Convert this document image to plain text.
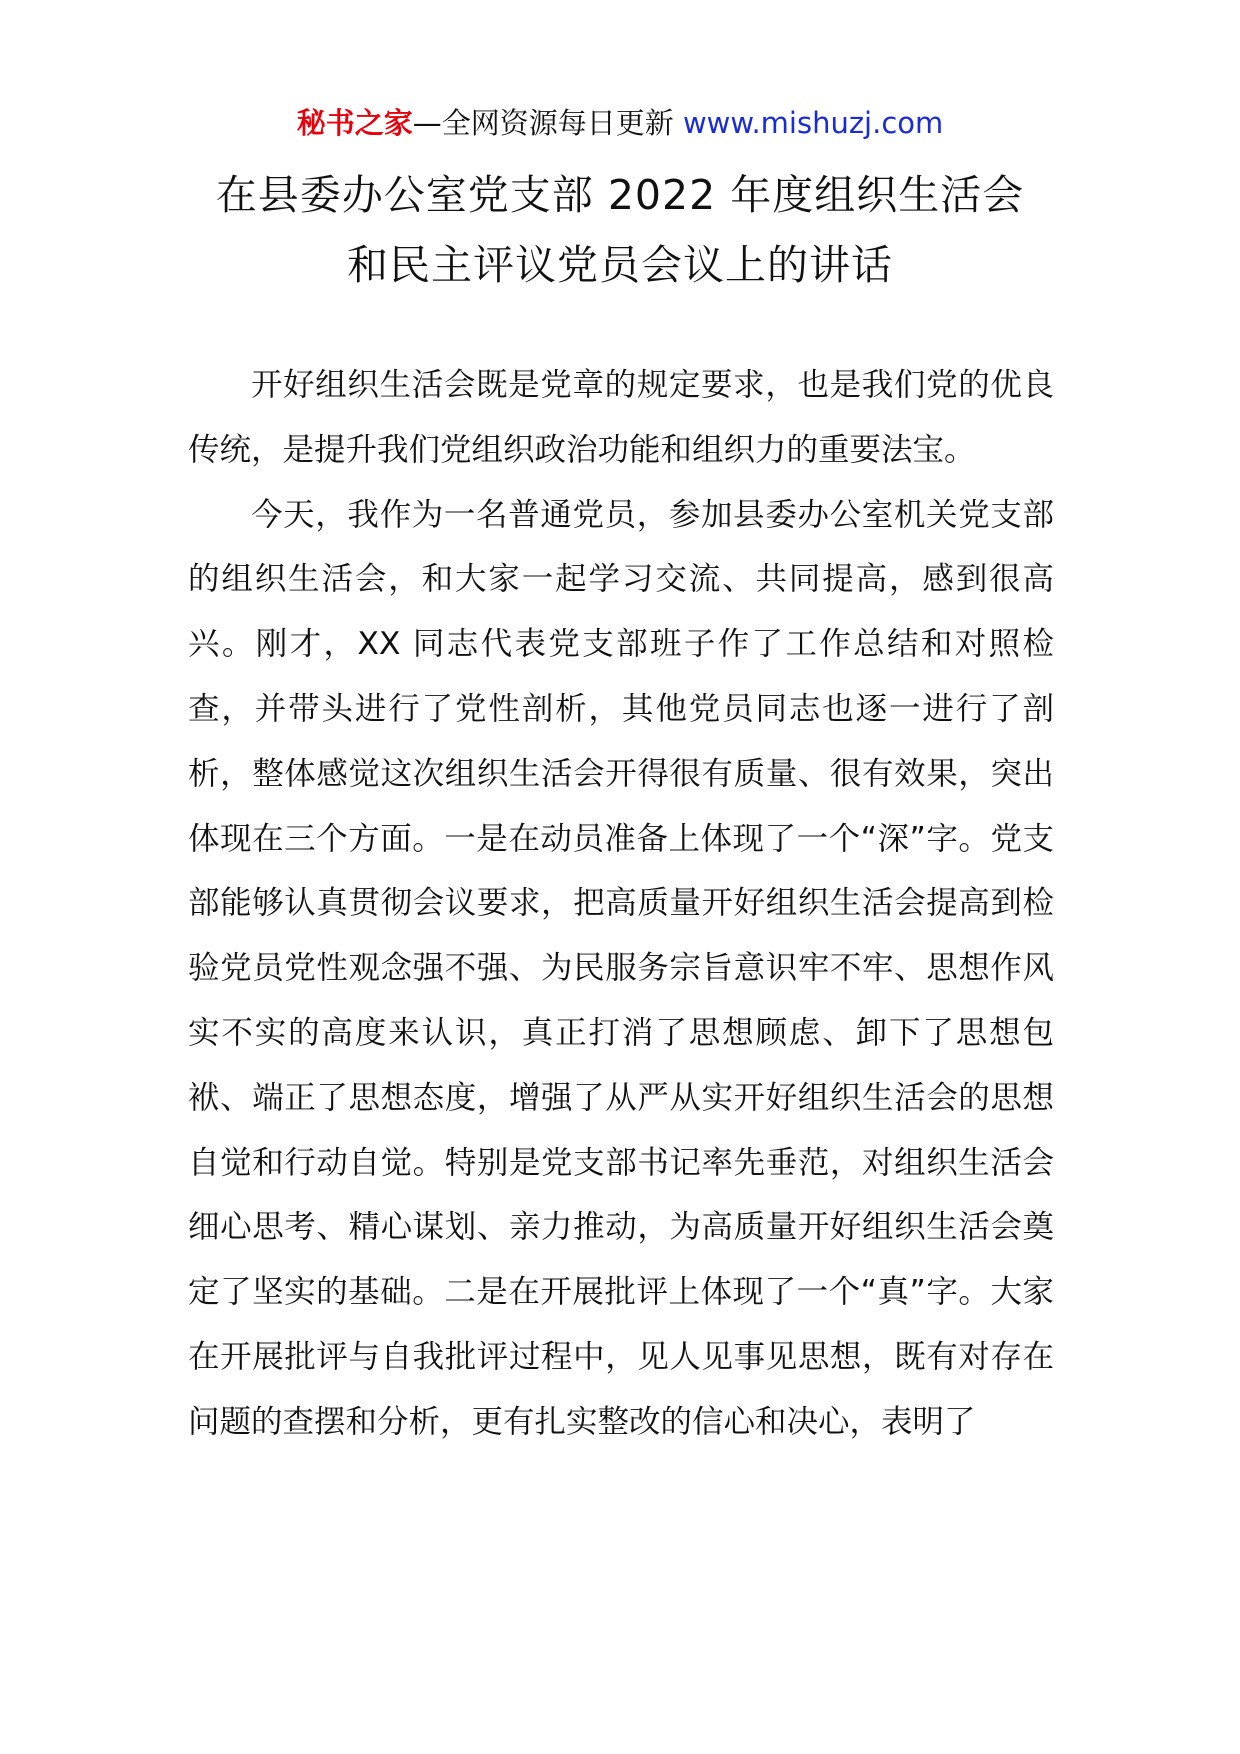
秘书之家—全网资源每日更新 www.mishuzj.com
在县委办公室党支部 2022 年度组织生活会
和民主评议党员会议上的讲话

开好组织生活会既是党章的规定要求，也是我们党的优良传统，是提升我们党组织政治功能和组织力的重要法宝。

今天，我作为一名普通党员，参加县委办公室机关党支部的组织生活会，和大家一起学习交流、共同提高，感到很高兴。刚才，XX 同志代表党支部班子作了工作总结和对照检查，并带头进行了党性剖析，其他党员同志也逐一进行了剖析，整体感觉这次组织生活会开得很有质量、很有效果，突出体现在三个方面。一是在动员准备上体现了一个“深”字。党支部能够认真贯彻会议要求，把高质量开好组织生活会提高到检验党员党性观念强不强、为民服务宗旨意识牢不牢、思想作风实不实的高度来认识，真正打消了思想顾虑、卸下了思想包袱、端正了思想态度，增强了从严从实开好组织生活会的思想自觉和行动自觉。特别是党支部书记率先垂范，对组织生活会细心思考、精心谋划、亲力推动，为高质量开好组织生活会奠定了坚实的基础。二是在开展批评上体现了一个“真”字。大家在开展批评与自我批评过程中，见人见事见思想，既有对存在问题的查摆和分析，更有扎实整改的信心和决心，表明了
